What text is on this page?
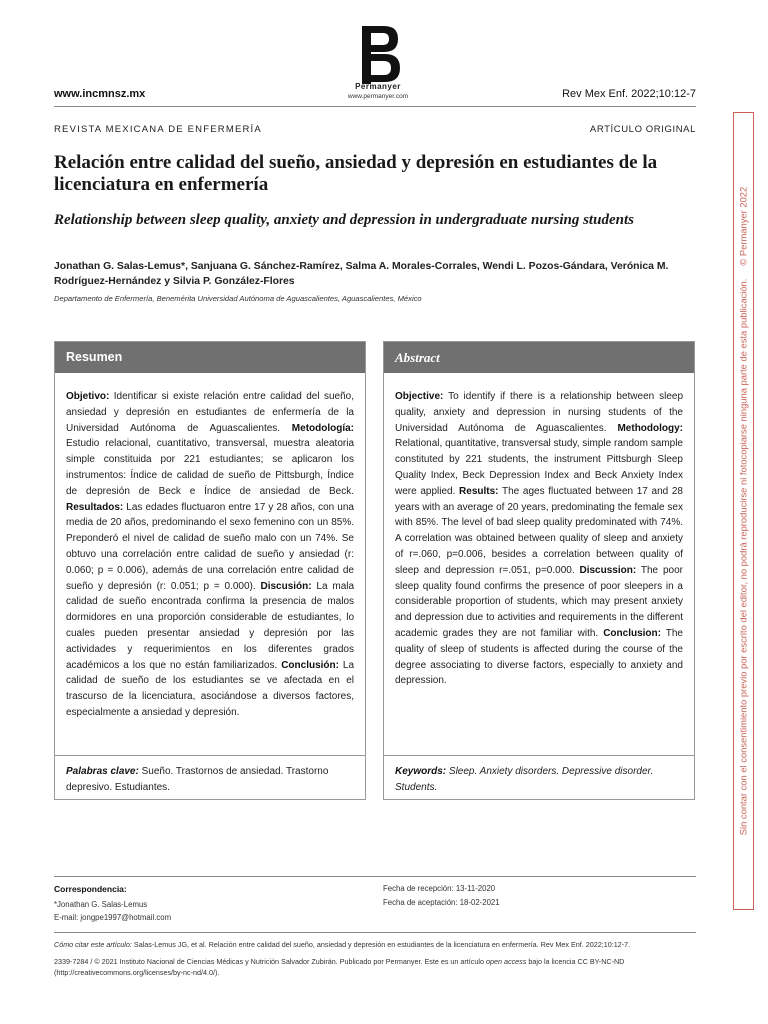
Permanyer
www.permanyer.com
www.incmnsz.mx	Rev Mex Enf. 2022;10:12-7
REVISTA MEXICANA DE ENFERMERÍA	ARTÍCULO ORIGINAL
Relación entre calidad del sueño, ansiedad y depresión en estudiantes de la licenciatura en enfermería
Relationship between sleep quality, anxiety and depression in undergraduate nursing students
Jonathan G. Salas-Lemus*, Sanjuana G. Sánchez-Ramírez, Salma A. Morales-Corrales, Wendi L. Pozos-Gándara, Verónica M. Rodríguez-Hernández y Silvia P. González-Flores
Departamento de Enfermería, Benemérita Universidad Autónoma de Aguascalientes, Aguascalientes, México
Resumen
Objetivo: Identificar si existe relación entre calidad del sueño, ansiedad y depresión en estudiantes de enfermería de la Universidad Autónoma de Aguascalientes. Metodología: Estudio relacional, cuantitativo, transversal, muestra aleatoria simple constituida por 221 estudiantes; se aplicaron los instrumentos: Índice de calidad de sueño de Pittsburgh, Índice de depresión de Beck e Índice de ansiedad de Beck. Resultados: Las edades fluctuaron entre 17 y 28 años, con una media de 20 años, predominando el sexo femenino con un 85%. Preponderó el nivel de calidad de sueño malo con un 74%. Se obtuvo una correlación entre calidad de sueño y ansiedad (r: 0.060; p = 0.006), además de una correlación entre calidad de sueño y depresión (r: 0.051; p = 0.000). Discusión: La mala calidad de sueño encontrada confirma la presencia de malos dormidores en una proporción considerable de estudiantes, lo cuales pueden presentar ansiedad y depresión por las actividades y requerimientos en los diferentes grados académicos a los que no están familiarizados. Conclusión: La calidad de sueño de los estudiantes se ve afectada en el trascurso de la licenciatura, asociándose a diversos factores, especialmente a ansiedad y depresión.
Palabras clave: Sueño. Trastornos de ansiedad. Trastorno depresivo. Estudiantes.
Abstract
Objective: To identify if there is a relationship between sleep quality, anxiety and depression in nursing students of the Universidad Autónoma de Aguascalientes. Methodology: Relational, quantitative, transversal study, simple random sample constituted by 221 students, the instrument Pittsburgh Sleep Quality Index, Beck Depression Index and Beck Anxiety Index were applied. Results: The ages fluctuated between 17 and 28 years with an average of 20 years, predominating the female sex with 85%. The level of bad sleep quality predominated with 74%. A correlation was obtained between quality of sleep and anxiety of r=.060, p=0.006, besides a correlation between quality of sleep and depression r=.051, p=0.000. Discussion: The poor sleep quality found confirms the presence of poor sleepers in a considerable proportion of students, which may present anxiety and depression due to activities and requirements in the different academic grades they are not familiar with. Conclusion: The quality of sleep of students is affected during the course of the degree associating to diverse factors, especially to anxiety and depression.
Keywords: Sleep. Anxiety disorders. Depressive disorder. Students.
Correspondencia:
*Jonathan G. Salas-Lemus
E-mail: jongpe1997@hotmail.com
Fecha de recepción: 13-11-2020
Fecha de aceptación: 18-02-2021
Cómo citar este artículo: Salas-Lemus JG, et al. Relación entre calidad del sueño, ansiedad y depresión en estudiantes de la licenciatura en enfermería. Rev Mex Enf. 2022;10:12-7.
2339-7284 / © 2021 Instituto Nacional de Ciencias Médicas y Nutrición Salvador Zubirán. Publicado por Permanyer. Este es un artículo open access bajo la licencia CC BY-NC-ND (http://creativecommons.org/licenses/by-nc-nd/4.0/).
Sin contar con el consentimiento previo por escrito del editor, no podrá reproducirse ni fotocopiarse ninguna parte de esta publicación.     © Permanyer 2022
